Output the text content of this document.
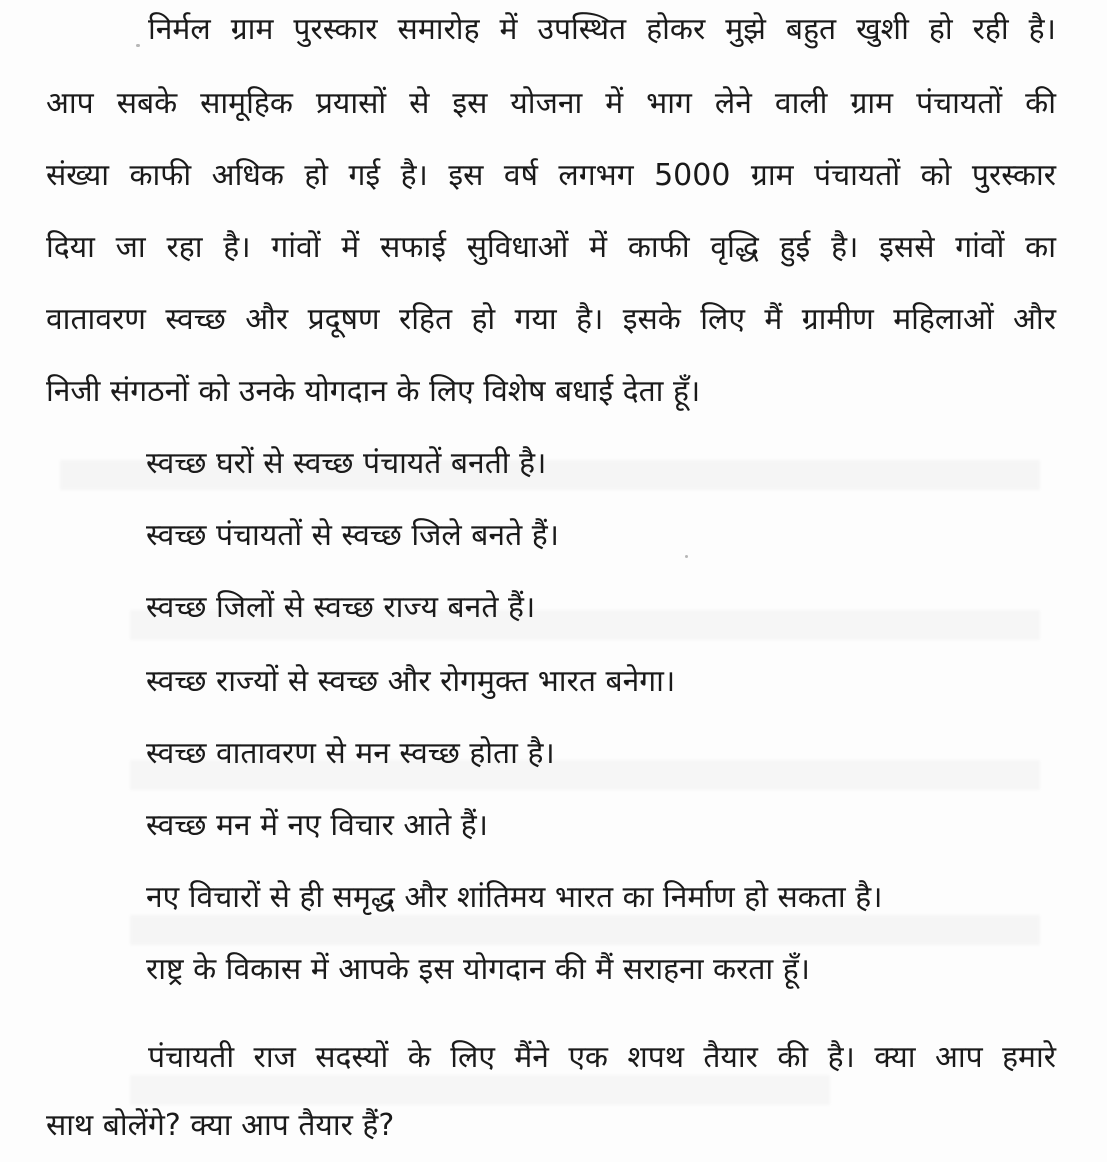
निर्मल ग्राम पुरस्कार समारोह में उपस्थित होकर मुझे बहुत खुशी हो रही है।
आप सबके सामूहिक प्रयासों से इस योजना में भाग लेने वाली ग्राम पंचायतों की
संख्या काफी अधिक हो गई है। इस वर्ष लगभग 5000 ग्राम पंचायतों को पुरस्कार
दिया जा रहा है। गांवों में सफाई सुविधाओं में काफी वृद्धि हुई है। इससे गांवों का
वातावरण स्वच्छ और प्रदूषण रहित हो गया है। इसके लिए मैं ग्रामीण महिलाओं और
निजी संगठनों को उनके योगदान के लिए विशेष बधाई देता हूँ।
स्वच्छ घरों से स्वच्छ पंचायतें बनती है।
स्वच्छ पंचायतों से स्वच्छ जिले बनते हैं।
स्वच्छ जिलों से स्वच्छ राज्य बनते हैं।
स्वच्छ राज्यों से स्वच्छ और रोगमुक्त भारत बनेगा।
स्वच्छ वातावरण से मन स्वच्छ होता है।
स्वच्छ मन में नए विचार आते हैं।
नए विचारों से ही समृद्ध और शांतिमय भारत का निर्माण हो सकता है।
राष्ट्र के विकास में आपके इस योगदान की मैं सराहना करता हूँ।
पंचायती राज सदस्यों के लिए मैंने एक शपथ तैयार की है। क्या आप हमारे
साथ बोलेंगे? क्या आप तैयार हैं?
